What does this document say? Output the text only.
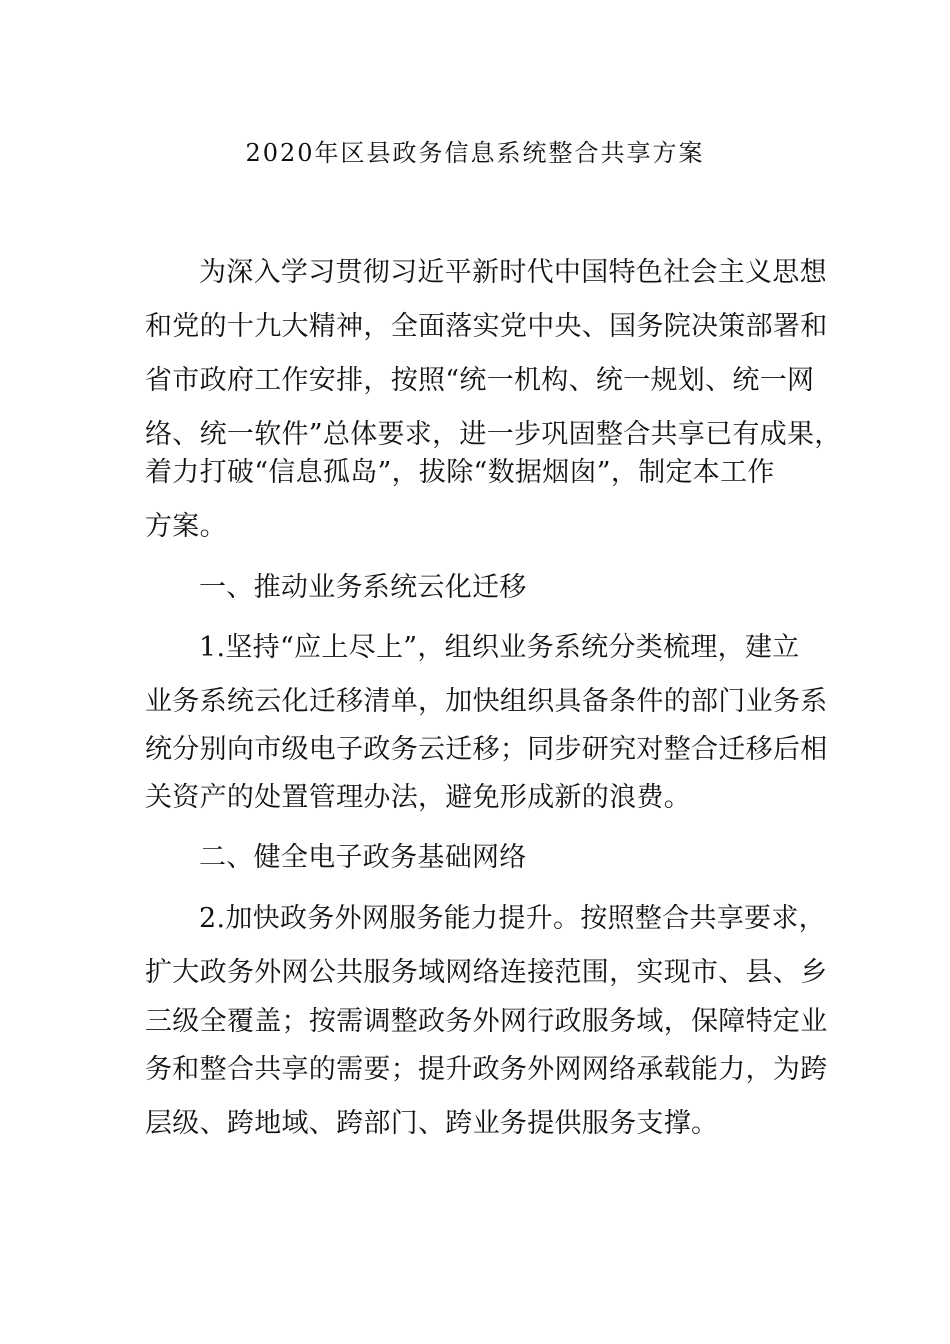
2020年区县政务信息系统整合共享方案
为深入学习贯彻习近平新时代中国特色社会主义思想
和党的十九大精神，全面落实党中央、国务院决策部署和
省市政府工作安排，按照“统一机构、统一规划、统一网
络、统一软件”总体要求，进一步巩固整合共享已有成果，
着力打破“信息孤岛”，拔除“数据烟囱”，制定本工作
方案。
一、推动业务系统云化迁移
1.坚持“应上尽上”，组织业务系统分类梳理，建立
业务系统云化迁移清单，加快组织具备条件的部门业务系
统分别向市级电子政务云迁移；同步研究对整合迁移后相
关资产的处置管理办法，避免形成新的浪费。
二、健全电子政务基础网络
2.加快政务外网服务能力提升。按照整合共享要求，
扩大政务外网公共服务域网络连接范围，实现市、县、乡
三级全覆盖；按需调整政务外网行政服务域，保障特定业
务和整合共享的需要；提升政务外网网络承载能力，为跨
层级、跨地域、跨部门、跨业务提供服务支撑。
